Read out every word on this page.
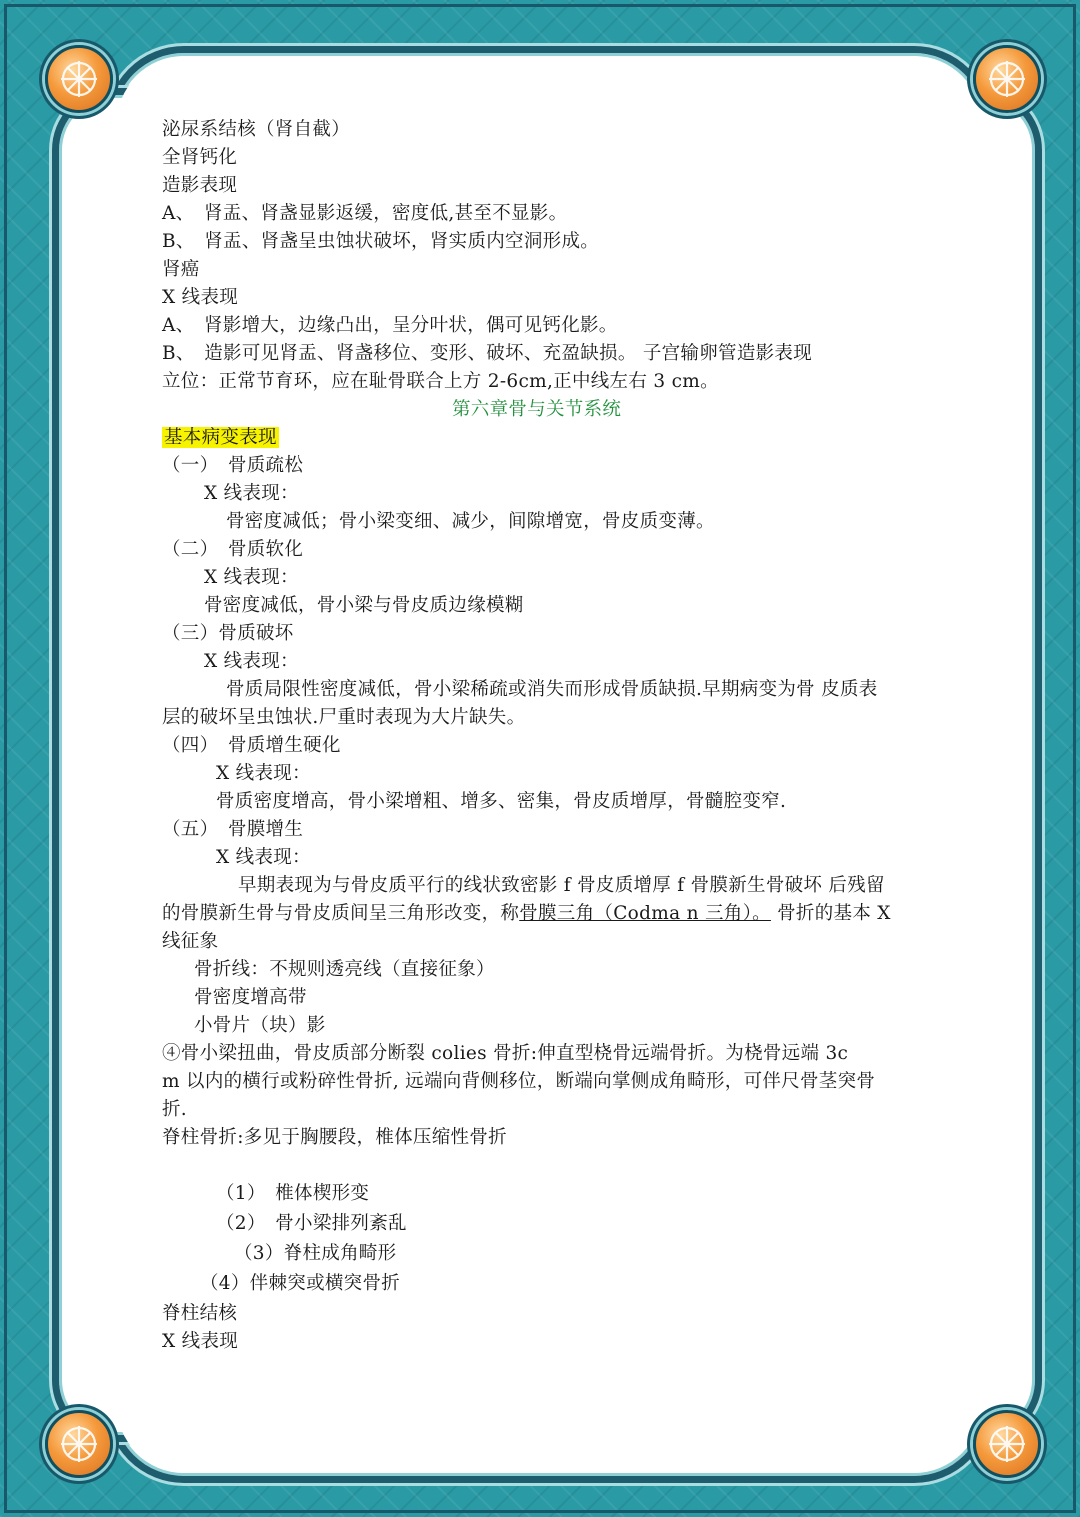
泌尿系结核（肾自截）
全肾钙化
造影表现
A、　肾盂、肾盏显影返缓，密度低,甚至不显影。
B、　肾盂、肾盏呈虫蚀状破坏，肾实质内空洞形成。
肾癌
X 线表现
A、　肾影增大，边缘凸出，呈分叶状，偶可见钙化影。
B、　造影可见肾盂、肾盏移位、变形、破坏、充盈缺损。 子宫输卵管造影表现
立位：正常节育环，应在耻骨联合上方 2-6cm,正中线左右 3 cm。
第六章骨与关节系统
基本病变表现
（一）　骨质疏松
X 线表现：
骨密度减低；骨小梁变细、减少，间隙增宽，骨皮质变薄。
（二）　骨质软化
X 线表现：
骨密度减低，骨小梁与骨皮质边缘模糊
（三）骨质破坏
X 线表现：
骨质局限性密度减低，骨小梁稀疏或消失而形成骨质缺损.早期病变为骨 皮质表
层的破坏呈虫蚀状.尸重时表现为大片缺失。
（四）　骨质增生硬化
X 线表现：
骨质密度增高，骨小梁增粗、增多、密集，骨皮质增厚，骨髓腔变窄.
（五）　骨膜增生
X 线表现：
早期表现为与骨皮质平行的线状致密影 f 骨皮质增厚 f 骨膜新生骨破坏 后残留
的骨膜新生骨与骨皮质间呈三角形改变，称骨膜三角（Codma n 三角）。 骨折的基本 X
线征象
骨折线：不规则透亮线（直接征象）
骨密度增高带
小骨片（块）影
④骨小梁扭曲，骨皮质部分断裂 colies 骨折:伸直型桡骨远端骨折。为桡骨远端 3c
m 以内的横行或粉碎性骨折, 远端向背侧移位，断端向掌侧成角畸形，可伴尺骨茎突骨
折.
脊柱骨折:多见于胸腰段，椎体压缩性骨折
（1）　椎体楔形变
（2）　骨小梁排列紊乱
（3）脊柱成角畸形
（4）伴棘突或横突骨折
脊柱结核
X 线表现
